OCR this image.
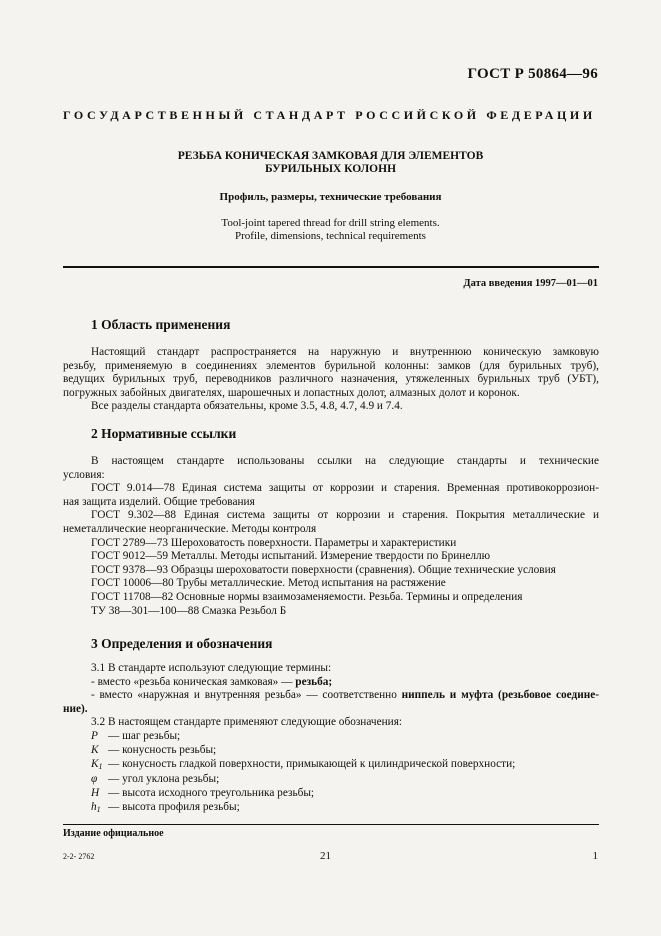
ГОСТ Р 50864—96
ГОСУДАРСТВЕННЫЙ СТАНДАРТ РОССИЙСКОЙ ФЕДЕРАЦИИ
РЕЗЬБА КОНИЧЕСКАЯ ЗАМКОВАЯ ДЛЯ ЭЛЕМЕНТОВ
БУРИЛЬНЫХ КОЛОНН
Профиль, размеры, технические требования
Tool-joint tapered thread for drill string elements.
Profile, dimensions, technical requirements
Дата введения 1997—01—01
1 Область применения

Настоящий стандарт распространяется на наружную и внутреннюю коническую замковую

резьбу, применяемую в соединениях элементов бурильной колонны: замков (для бурильных труб),

ведущих бурильных труб, переводников различного назначения, утяжеленных бурильных труб (УБТ),

погружных забойных двигателях, шарошечных и лопастных долот, алмазных долот и коронок.

Все разделы стандарта обязательны, кроме 3.5, 4.8, 4.7, 4.9 и 7.4.

2 Нормативные ссылки

В настоящем стандарте использованы ссылки на следующие стандарты и технические

условия:

ГОСТ 9.014—78 Единая система защиты от коррозии и старения. Временная противокоррозион-

ная защита изделий. Общие требования

ГОСТ 9.302—88 Единая система защиты от коррозии и старения. Покрытия металлические и

неметаллические неорганические. Методы контроля

ГОСТ 2789—73 Шероховатость поверхности. Параметры и характеристики

ГОСТ 9012—59 Металлы. Методы испытаний. Измерение твердости по Бринеллю

ГОСТ 9378—93 Образцы шероховатости поверхности (сравнения). Общие технические условия

ГОСТ 10006—80 Трубы металлические. Метод испытания на растяжение

ГОСТ 11708—82 Основные нормы взаимозаменяемости. Резьба. Термины и определения

ТУ 38—301—100—88 Смазка Резьбол Б

3 Определения и обозначения

3.1 В стандарте используют следующие термины:

- вместо «резьба коническая замковая» — резьба;

- вместо «наружная и внутренняя резьба» — соответственно ниппель и муфта (резьбовое соедине-

ние).

3.2 В настоящем стандарте применяют следующие обозначения:

P — шаг резьбы;
K — конусность резьбы;
$K_1$ — конусность гладкой поверхности, примыкающей к цилиндрической поверхности;
φ — угол уклона резьбы;
H — высота исходного треугольника резьбы;
$h_1$ — высота профиля резьбы;
Издание официальное
2-2- 2762	21	1
